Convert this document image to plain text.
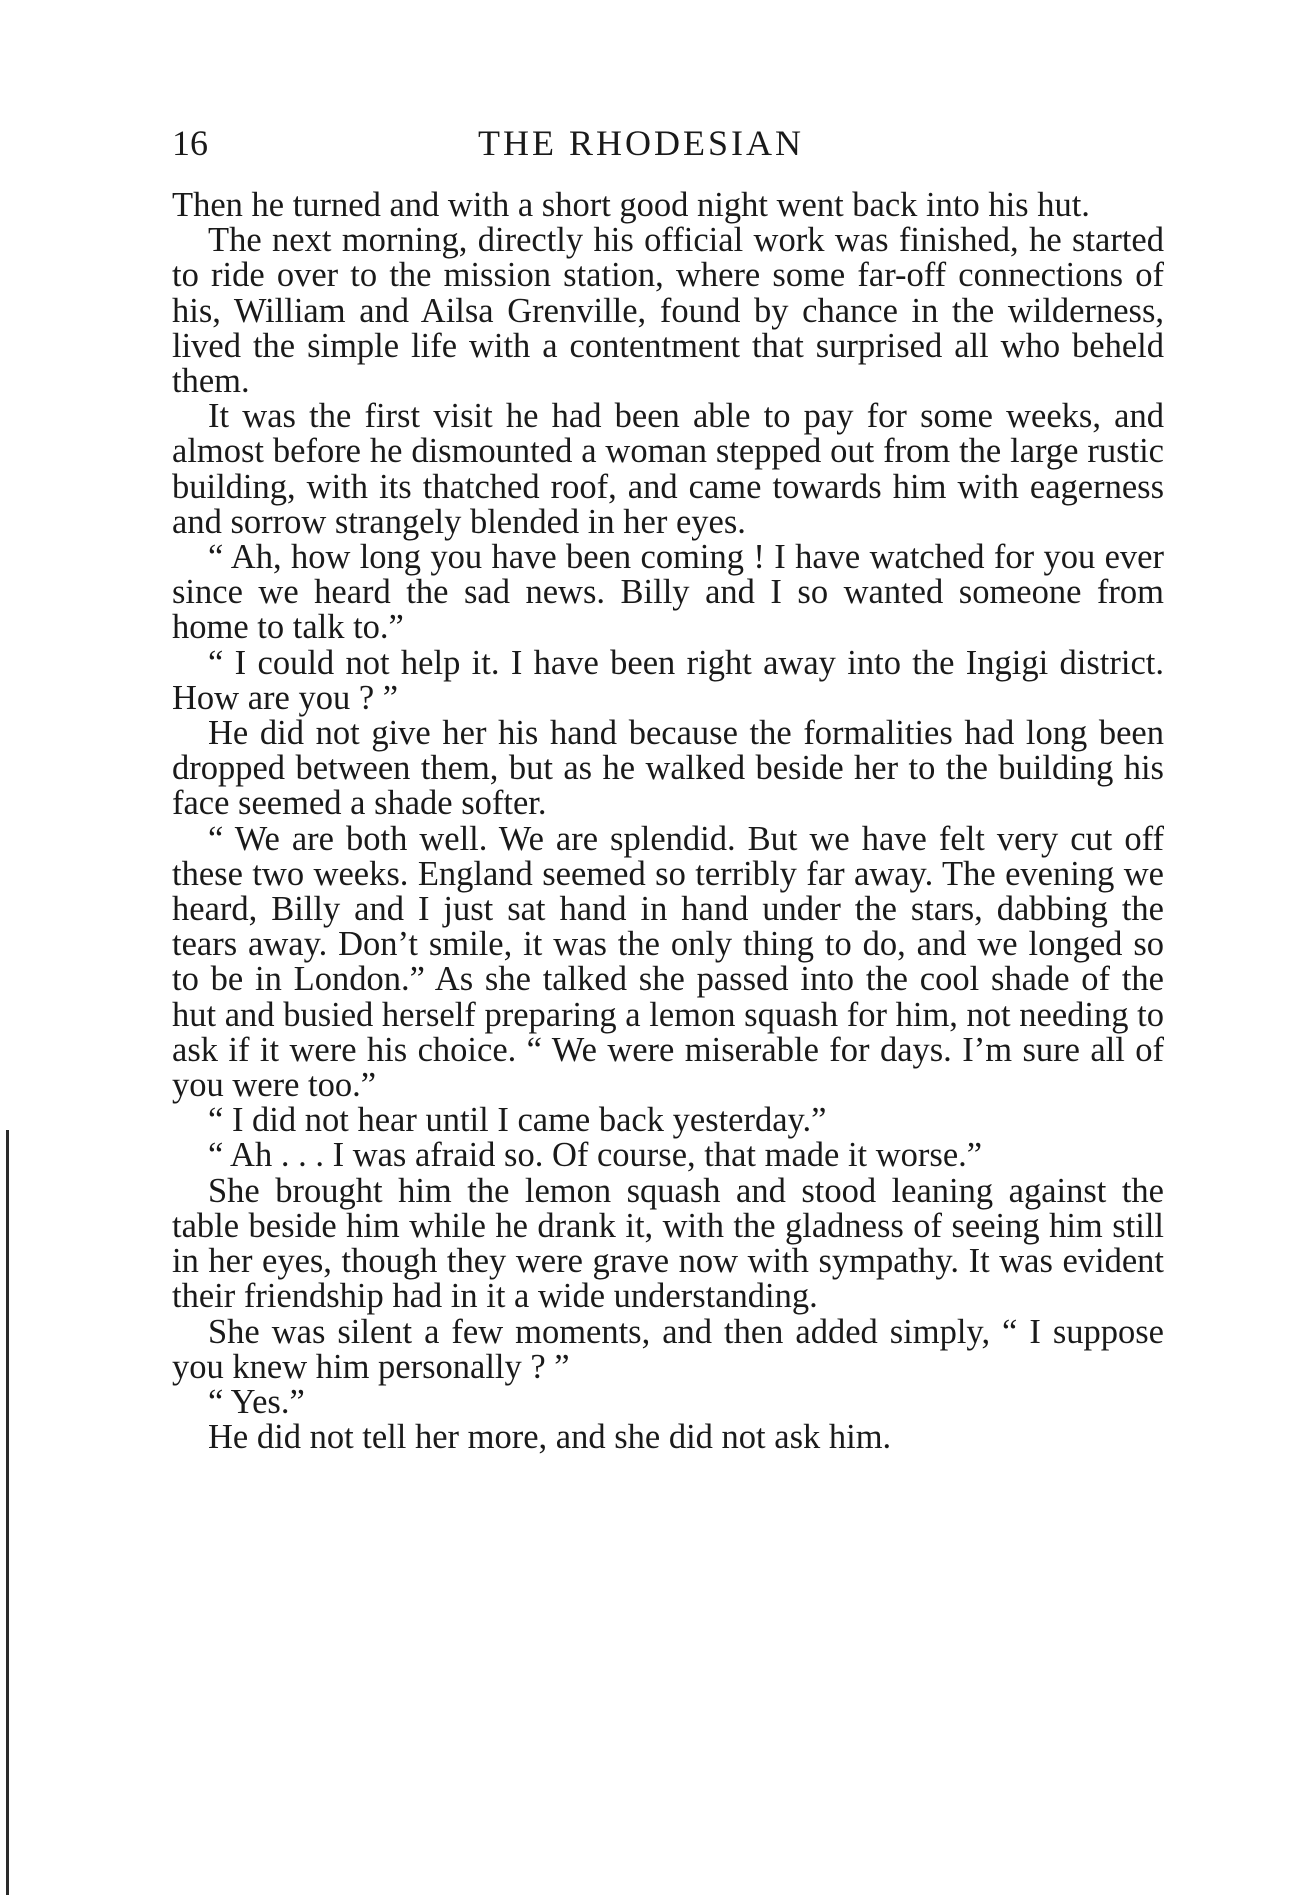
16	THE RHODESIAN

Then he turned and with a short good night went back into his hut.

The next morning, directly his official work was finished, he started to ride over to the mission station, where some far-off connections of his, William and Ailsa Grenville, found by chance in the wilderness, lived the simple life with a contentment that surprised all who beheld them.

It was the first visit he had been able to pay for some weeks, and almost before he dismounted a woman stepped out from the large rustic building, with its thatched roof, and came towards him with eagerness and sorrow strangely blended in her eyes.

“ Ah, how long you have been coming ! I have watched for you ever since we heard the sad news. Billy and I so wanted someone from home to talk to.”

“ I could not help it. I have been right away into the Ingigi district. How are you ? ”

He did not give her his hand because the formalities had long been dropped between them, but as he walked beside her to the building his face seemed a shade softer.

“ We are both well. We are splendid. But we have felt very cut off these two weeks. England seemed so terribly far away. The evening we heard, Billy and I just sat hand in hand under the stars, dabbing the tears away. Don’t smile, it was the only thing to do, and we longed so to be in London.” As she talked she passed into the cool shade of the hut and busied herself preparing a lemon squash for him, not needing to ask if it were his choice. “ We were miserable for days. I’m sure all of you were too.”

“ I did not hear until I came back yesterday.”

“ Ah . . . I was afraid so. Of course, that made it worse.”

She brought him the lemon squash and stood leaning against the table beside him while he drank it, with the gladness of seeing him still in her eyes, though they were grave now with sympathy. It was evident their friendship had in it a wide understanding.

She was silent a few moments, and then added simply, “ I suppose you knew him personally ? ”

“ Yes.”

He did not tell her more, and she did not ask him.
